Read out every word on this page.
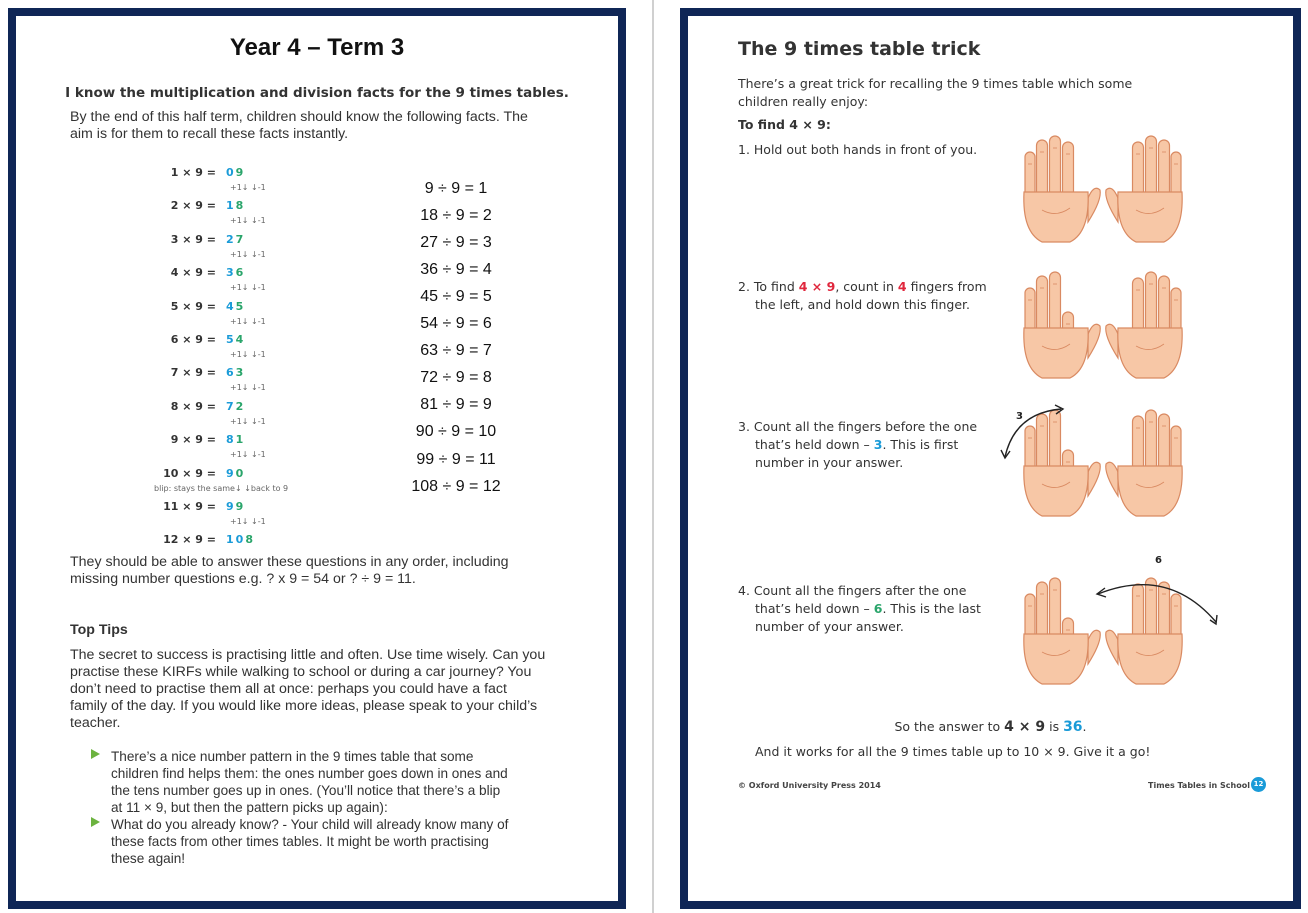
Year 4 – Term 3
I know the multiplication and division facts for the 9 times tables.
By the end of this half term, children should know the following facts. The
aim is for them to recall these facts instantly.
1 × 9 = 09
+1↓ ↓-1
2 × 9 = 18
+1↓ ↓-1
3 × 9 = 27
+1↓ ↓-1
4 × 9 = 36
+1↓ ↓-1
5 × 9 = 45
+1↓ ↓-1
6 × 9 = 54
+1↓ ↓-1
7 × 9 = 63
+1↓ ↓-1
8 × 9 = 72
+1↓ ↓-1
9 × 9 = 81
+1↓ ↓-1
10 × 9 = 90
blip: stays the same↓ ↓back to 9
11 × 9 = 99
+1↓ ↓-1
12 × 9 = 108
9 ÷ 9 = 1
18 ÷ 9 = 2
27 ÷ 9 = 3
36 ÷ 9 = 4
45 ÷ 9 = 5
54 ÷ 9 = 6
63 ÷ 9 = 7
72 ÷ 9 = 8
81 ÷ 9 = 9
90 ÷ 9 = 10
99 ÷ 9 = 11
108 ÷ 9 = 12
They should be able to answer these questions in any order, including
missing number questions e.g. ? x 9 = 54 or ? ÷ 9 = 11.
Top Tips
The secret to success is practising little and often. Use time wisely. Can you
practise these KIRFs while walking to school or during a car journey? You
don’t need to practise them all at once: perhaps you could have a fact
family of the day. If you would like more ideas, please speak to your child’s
teacher.
There’s a nice number pattern in the 9 times table that some
children find helps them: the ones number goes down in ones and
the tens number goes up in ones. (You’ll notice that there’s a blip
at 11 × 9, but then the pattern picks up again):
What do you already know? - Your child will already know many of
these facts from other times tables. It might be worth practising
these again!
The 9 times table trick
There’s a great trick for recalling the 9 times table which some
children really enjoy:
To find 4 × 9:
1. Hold out both hands in front of you.
2. To find 4 × 9, count in 4 fingers from
the left, and hold down this finger.
3. Count all the fingers before the one
that’s held down – 3. This is first
number in your answer.
4. Count all the fingers after the one
that’s held down – 6. This is the last
number of your answer.
3
6
So the answer to 4 × 9 is 36.
And it works for all the 9 times table up to 10 × 9. Give it a go!
© Oxford University Press 2014	Times Tables in School 12
